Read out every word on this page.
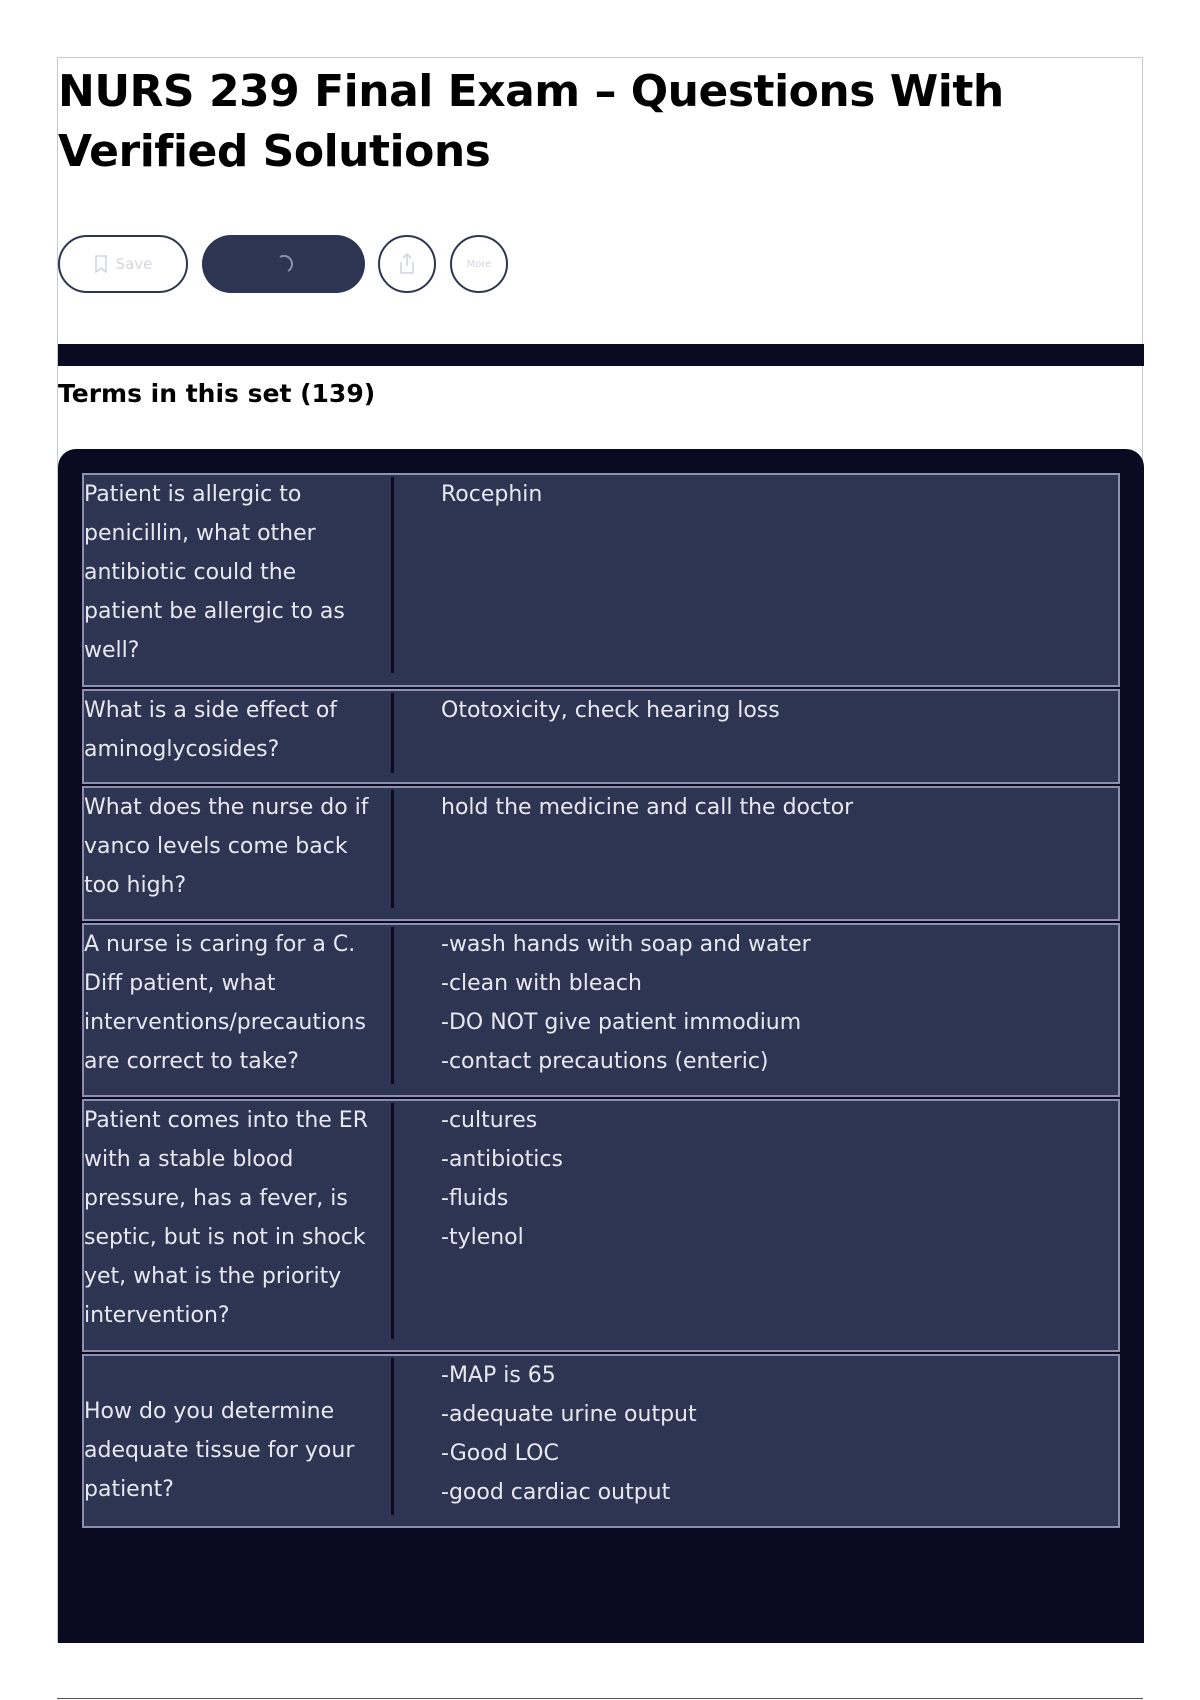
NURS 239 Final Exam – Questions With Verified Solutions
Save	More
Terms in this set (139)
Patient is allergic to penicillin, what other antibiotic could the patient be allergic to as well?
Rocephin
What is a side effect of aminoglycosides?
Ototoxicity, check hearing loss
What does the nurse do if vanco levels come back too high?
hold the medicine and call the doctor
A nurse is caring for a C. Diff patient, what interventions/precautions are correct to take?
-wash hands with soap and water
-clean with bleach
-DO NOT give patient immodium
-contact precautions (enteric)
Patient comes into the ER with a stable blood pressure, has a fever, is septic, but is not in shock yet, what is the priority intervention?
-cultures
-antibiotics
-fluids
-tylenol
How do you determine adequate tissue for your patient?
-MAP is 65
-adequate urine output
-Good LOC
-good cardiac output
